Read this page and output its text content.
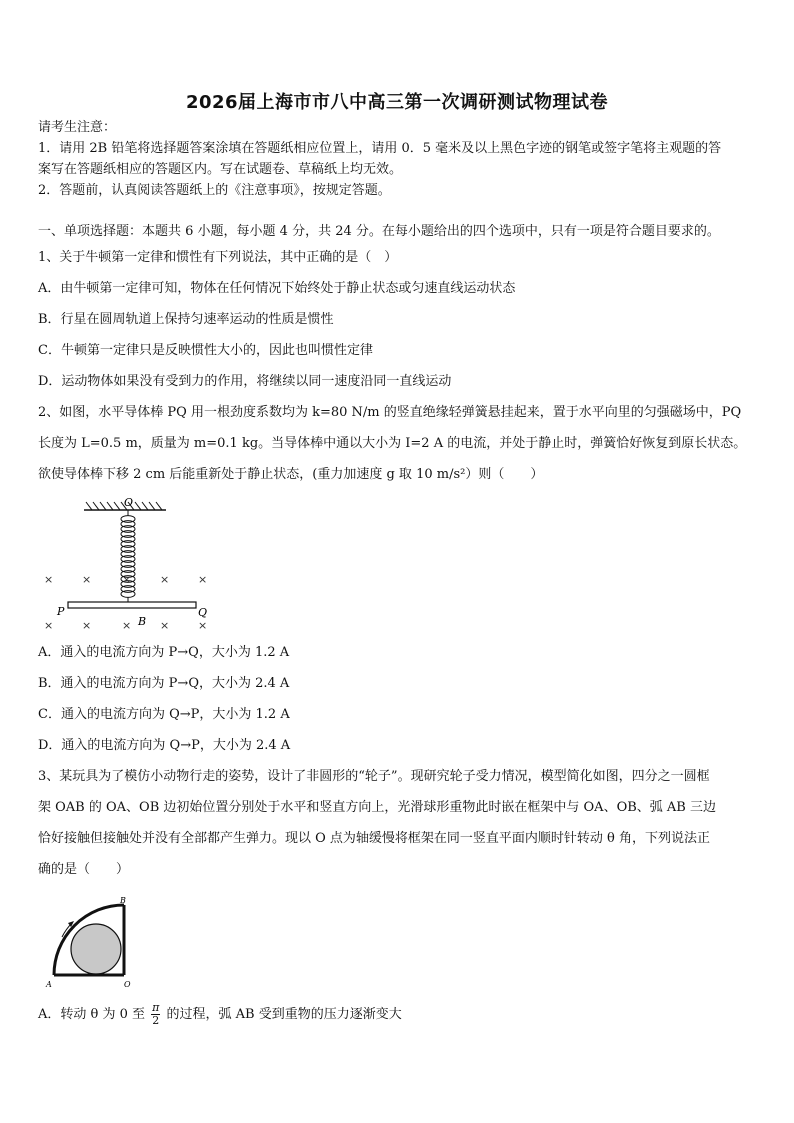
2026届上海市市八中高三第一次调研测试物理试卷
请考生注意：
1．请用 2B 铅笔将选择题答案涂填在答题纸相应位置上，请用 0．5 毫米及以上黑色字迹的钢笔或签字笔将主观题的答
案写在答题纸相应的答题区内。写在试题卷、草稿纸上均无效。
2．答题前，认真阅读答题纸上的《注意事项》，按规定答题。
一、单项选择题：本题共 6 小题，每小题 4 分，共 24 分。在每小题给出的四个选项中，只有一项是符合题目要求的。
1、关于牛顿第一定律和惯性有下列说法，其中正确的是（　）
A．由牛顿第一定律可知，物体在任何情况下始终处于静止状态或匀速直线运动状态
B．行星在圆周轨道上保持匀速率运动的性质是惯性
C．牛顿第一定律只是反映惯性大小的，因此也叫惯性定律
D．运动物体如果没有受到力的作用，将继续以同一速度沿同一直线运动
2、如图，水平导体棒 PQ 用一根劲度系数均为 k=80 N/m 的竖直绝缘轻弹簧悬挂起来，置于水平向里的匀强磁场中，PQ
长度为 L=0.5 m，质量为 m=0.1 kg。当导体棒中通以大小为 I=2 A 的电流，并处于静止时，弹簧恰好恢复到原长状态。
欲使导体棒下移 2 cm 后能重新处于静止状态，(重力加速度 g 取 10 m/s²）则（　　）
O
P	Q
B
×	×	×	×	×
×	×	×	×	×
A．通入的电流方向为 P→Q，大小为 1.2 A
B．通入的电流方向为 P→Q，大小为 2.4 A
C．通入的电流方向为 Q→P，大小为 1.2 A
D．通入的电流方向为 Q→P，大小为 2.4 A
3、某玩具为了模仿小动物行走的姿势，设计了非圆形的“轮子”。现研究轮子受力情况，模型简化如图，四分之一圆框
架 OAB 的 OA、OB 边初始位置分别处于水平和竖直方向上，光滑球形重物此时嵌在框架中与 OA、OB、弧 AB 三边
恰好接触但接触处并没有全部都产生弹力。现以 O 点为轴缓慢将框架在同一竖直平面内顺时针转动 θ 角，下列说法正
确的是（　　）
B
A	O
A．转动 θ 为 0 至 $\frac{\pi}{2}$ 的过程，弧 AB 受到重物的压力逐渐变大
